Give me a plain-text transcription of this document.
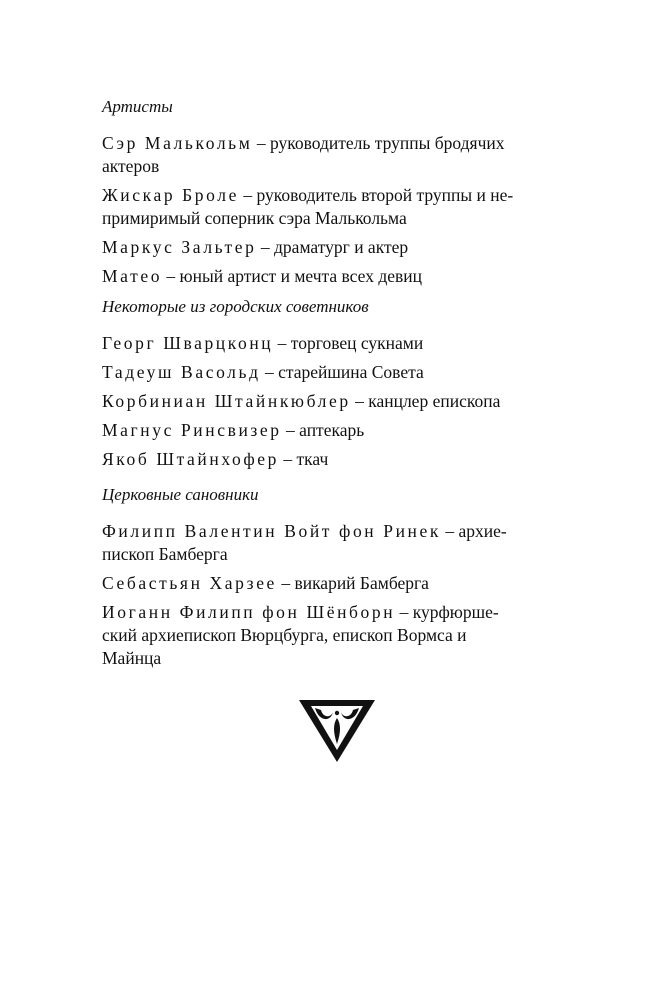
Артисты
Сэр Малькольм – руководитель труппы бродячих
актеров
Жискар Броле – руководитель второй труппы и не-
примиримый соперник сэра Малькольма
Маркус Зальтер – драматург и актер
Матео – юный артист и мечта всех девиц
Некоторые из городских советников
Георг Шварцконц – торговец сукнами
Тадеуш Васольд – старейшина Совета
Корбиниан Штайнкюблер – канцлер епископа
Магнус Ринсвизер – аптекарь
Якоб Штайнхофер – ткач
Церковные сановники
Филипп Валентин Войт фон Ринек – архие-
пископ Бамберга
Себастьян Харзее – викарий Бамберга
Иоганн Филипп фон Шёнборн – курфюрше-
ский архиепископ Вюрцбурга, епископ Вормса и
Майнца
